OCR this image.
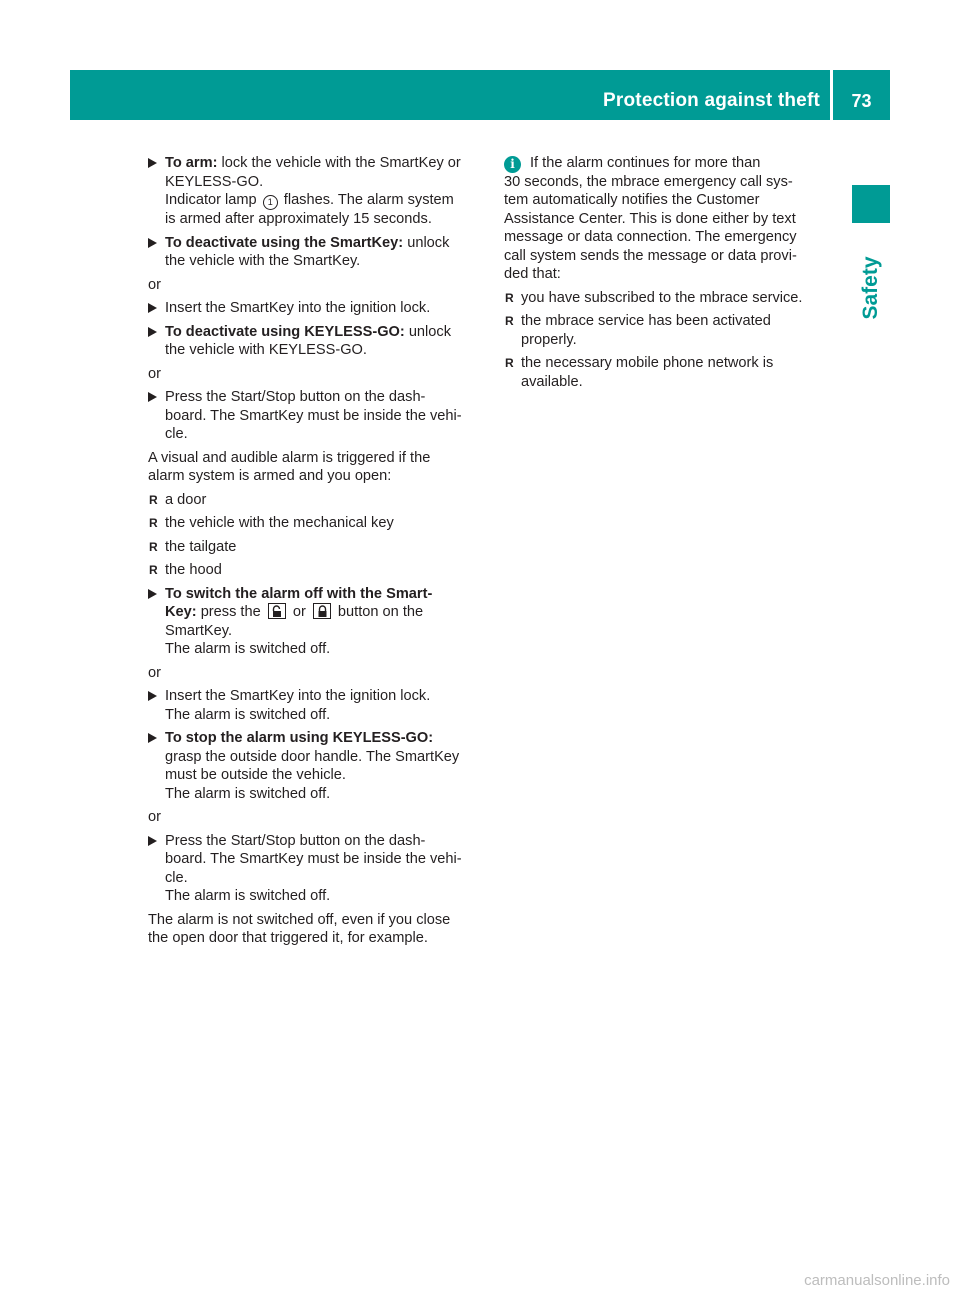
Protection against theft	73
Safety
To arm: lock the vehicle with the SmartKey or
KEYLESS-GO.
Indicator lamp 1 flashes. The alarm system
is armed after approximately 15 seconds.
To deactivate using the SmartKey: unlock
the vehicle with the SmartKey.
or
Insert the SmartKey into the ignition lock.
To deactivate using KEYLESS-GO: unlock
the vehicle with KEYLESS-GO.
or
Press the Start/Stop button on the dash-
board. The SmartKey must be inside the vehi-
cle.
A visual and audible alarm is triggered if the
alarm system is armed and you open:
R a door
R the vehicle with the mechanical key
R the tailgate
R the hood
To switch the alarm off with the Smart-
Key: press the
or
button on the
SmartKey.
The alarm is switched off.
or
Insert the SmartKey into the ignition lock.
The alarm is switched off.
To stop the alarm using KEYLESS-GO:
grasp the outside door handle. The SmartKey
must be outside the vehicle.
The alarm is switched off.
or
Press the Start/Stop button on the dash-
board. The SmartKey must be inside the vehi-
cle.
The alarm is switched off.
The alarm is not switched off, even if you close
the open door that triggered it, for example.
i	If the alarm continues for more than
30 seconds, the mbrace emergency call sys-
tem automatically notifies the Customer
Assistance Center. This is done either by text
message or data connection. The emergency
call system sends the message or data provi-
ded that:
R you have subscribed to the mbrace service.
R the mbrace service has been activated
properly.
R the necessary mobile phone network is
available.
carmanualsonline.info
